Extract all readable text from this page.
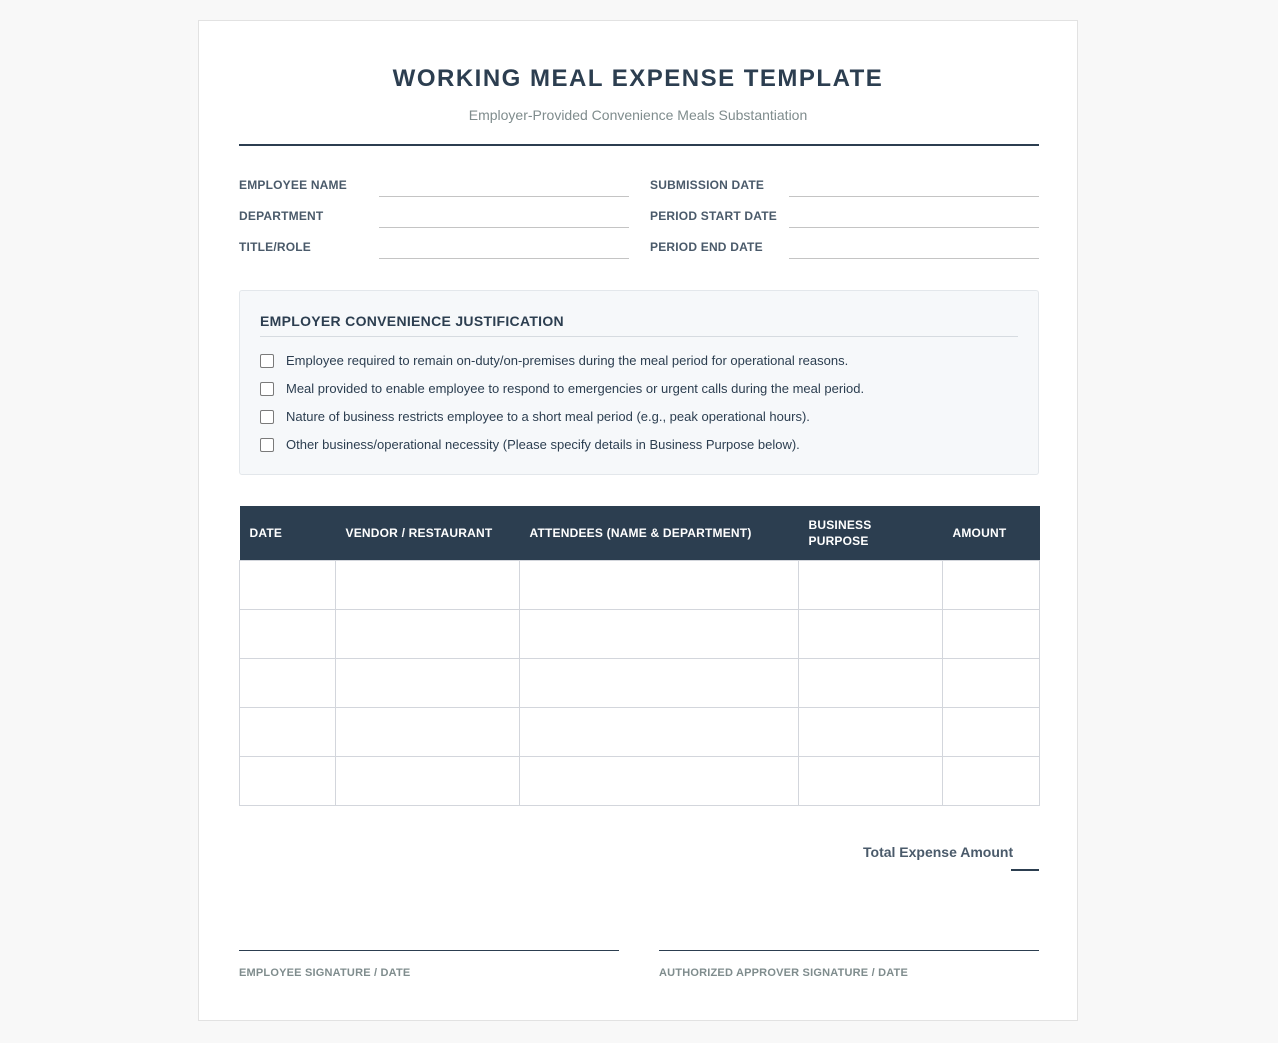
WORKING MEAL EXPENSE TEMPLATE
Employer-Provided Convenience Meals Substantiation
EMPLOYEE NAME
DEPARTMENT
TITLE/ROLE
SUBMISSION DATE
PERIOD START DATE
PERIOD END DATE
EMPLOYER CONVENIENCE JUSTIFICATION
Employee required to remain on-duty/on-premises during the meal period for operational reasons.
Meal provided to enable employee to respond to emergencies or urgent calls during the meal period.
Nature of business restricts employee to a short meal period (e.g., peak operational hours).
Other business/operational necessity (Please specify details in Business Purpose below).
DATE	VENDOR / RESTAURANT	ATTENDEES (NAME & DEPARTMENT)	BUSINESS PURPOSE	AMOUNT

Total Expense Amount
EMPLOYEE SIGNATURE / DATE	AUTHORIZED APPROVER SIGNATURE / DATE
